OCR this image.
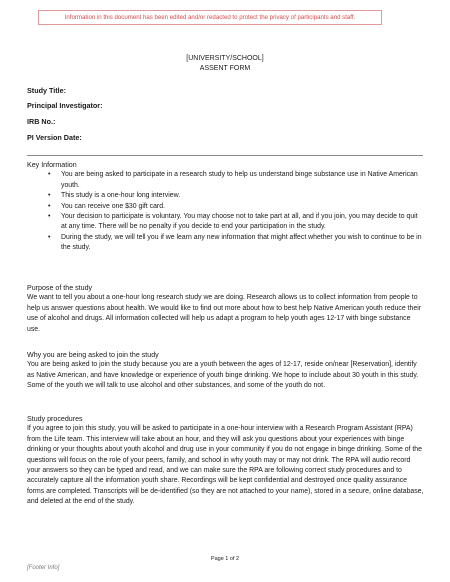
Information in this document has been edited and/or redacted to protect the privacy of participants and staff.
[UNIVERSITY/SCHOOL]
ASSENT FORM
Study Title:
Principal Investigator:
IRB No.:
PI Version Date:
Key Information
• You are being asked to participate in a research study to help us understand binge substance use in Native American youth.
• This study is a one-hour long interview.
• You can receive one $30 gift card.
• Your decision to participate is voluntary. You may choose not to take part at all, and if you join, you may decide to quit at any time. There will be no penalty if you decide to end your participation in the study.
• During the study, we will tell you if we learn any new information that might affect whether you wish to continue to be in the study.
Purpose of the study

We want to tell you about a one-hour long research study we are doing. Research allows us to collect information from people to help us answer questions about health. We would like to find out more about how to best help Native American youth reduce their use of alcohol and drugs. All information collected will help us adapt a program to help youth ages 12-17 with binge substance use.

Why you are being asked to join the study

You are being asked to join the study because you are a youth between the ages of 12-17, reside on/near [Reservation], identify as Native American, and have knowledge or experience of youth binge drinking. We hope to include about 30 youth in this study. Some of the youth we will talk to use alcohol and other substances, and some of the youth do not.

Study procedures

If you agree to join this study, you will be asked to participate in a one-hour interview with a Research Program Assistant (RPA) from the Life team. This interview will take about an hour, and they will ask you questions about your experiences with binge drinking or your thoughts about youth alcohol and drug use in your community if you do not engage in binge drinking. Some of the questions will focus on the role of your peers, family, and school in why youth may or may not drink. The RPA will audio record your answers so they can be typed and read, and we can make sure the RPA are following correct study procedures and to accurately capture all the information youth share. Recordings will be kept confidential and destroyed once quality assurance forms are completed. Transcripts will be de-identified (so they are not attached to your name), stored in a secure, online database, and deleted at the end of the study.

Page 1 of 2
[Footer Info]
